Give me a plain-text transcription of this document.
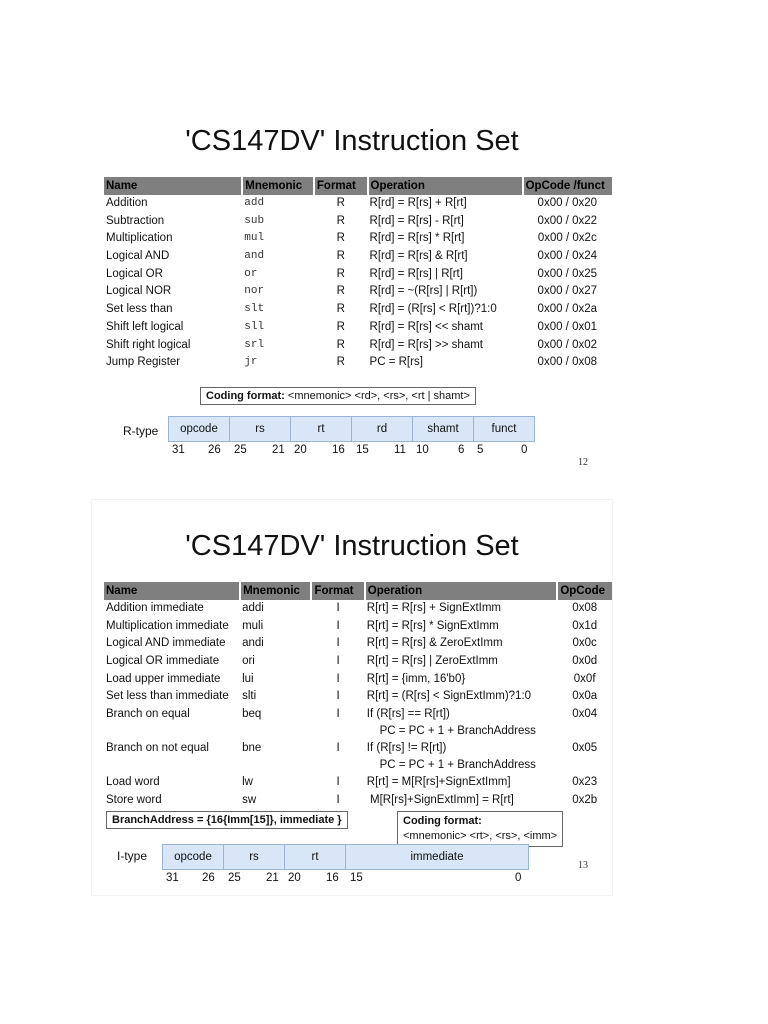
'CS147DV' Instruction Set
Name	Mnemonic	Format	Operation	OpCode /funct
Addition	add	R	R[rd] = R[rs] + R[rt]	0x00 / 0x20
Subtraction	sub	R	R[rd] = R[rs] - R[rt]	0x00 / 0x22
Multiplication	mul	R	R[rd] = R[rs] * R[rt]	0x00 / 0x2c
Logical AND	and	R	R[rd] = R[rs] & R[rt]	0x00 / 0x24
Logical OR	or	R	R[rd] = R[rs] | R[rt]	0x00 / 0x25
Logical NOR	nor	R	R[rd] = ~(R[rs] | R[rt])	0x00 / 0x27
Set less than	slt	R	R[rd] = (R[rs] < R[rt])?1:0	0x00 / 0x2a
Shift left logical	sll	R	R[rd] = R[rs] << shamt	0x00 / 0x01
Shift right logical	srl	R	R[rd] = R[rs] >> shamt	0x00 / 0x02
Jump Register	jr	R	PC = R[rs]	0x00 / 0x08
Coding format: <mnemonic> <rd>, <rs>, <rt | shamt>
R-type	opcode	rs	rt	rd	shamt	funct
31 26 25 21 20 16 15 11 10	6 5	0
12
'CS147DV' Instruction Set
Name	Mnemonic	Format	Operation	OpCode
Addition immediate	addi	I	R[rt] = R[rs] + SignExtImm	0x08
Multiplication immediate	muli	I	R[rt] = R[rs] * SignExtImm	0x1d
Logical AND immediate	andi	I	R[rt] = R[rs] & ZeroExtImm	0x0c
Logical OR immediate	ori	I	R[rt] = R[rs] | ZeroExtImm	0x0d
Load upper immediate	lui	I	R[rt] = {imm, 16'b0}	0x0f
Set less than immediate	slti	I	R[rt] = (R[rs] < SignExtImm)?1:0	0x0a
Branch on equal	beq	I	If (R[rs] == R[rt])
PC = PC + 1 + BranchAddress	0x04
Branch on not equal	bne	I	If (R[rs] != R[rt])
PC = PC + 1 + BranchAddress	0x05
Load word	lw	I	R[rt] = M[R[rs]+SignExtImm]	0x23
Store word	sw	I	M[R[rs]+SignExtImm] = R[rt]	0x2b
BranchAddress = {16{Imm[15]}, immediate }	Coding format:
<mnemonic> <rt>, <rs>, <imm>
I-type	opcode	rs	rt	immediate
31 26 25 21 20 16 15	0
13
